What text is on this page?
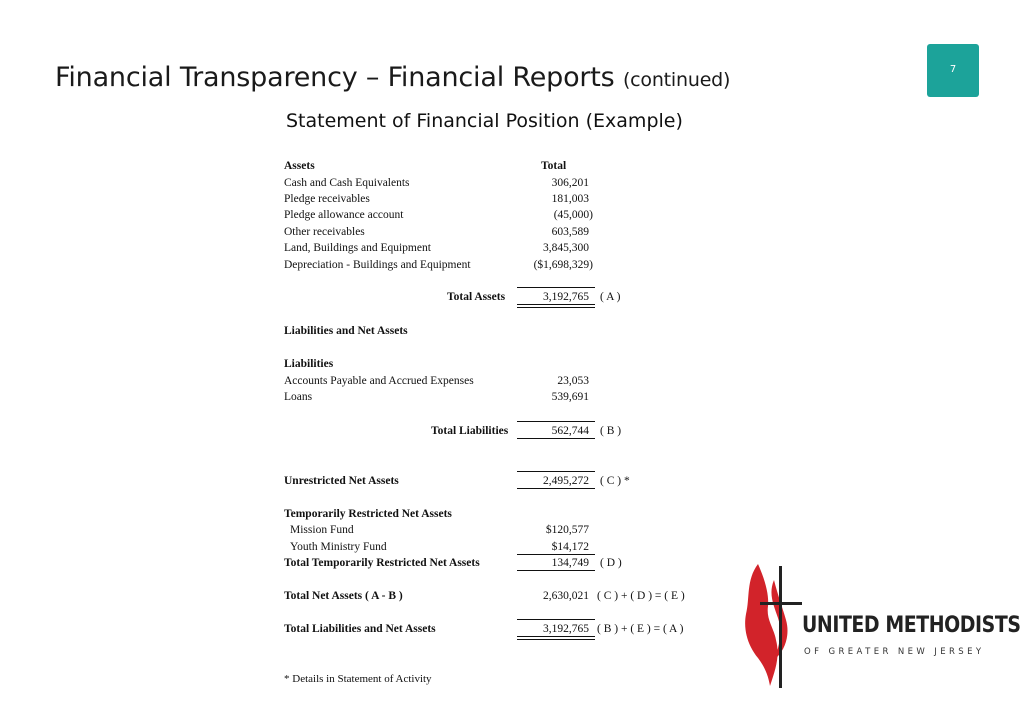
Financial Transparency – Financial Reports (continued)	7
Statement of Financial Position (Example)
Assets	Total
Cash and Cash Equivalents	306,201
Pledge receivables	181,003
Pledge allowance account	(45,000)
Other receivables	603,589
Land, Buildings and Equipment	3,845,300
Depreciation - Buildings and Equipment	($1,698,329)
Total Assets	3,192,765 ( A )
Liabilities and Net Assets
Liabilities
Accounts Payable and Accrued Expenses	23,053
Loans	539,691
Total Liabilities	562,744 ( B )
Unrestricted Net Assets	2,495,272 ( C ) *
Temporarily Restricted Net Assets
Mission Fund	$120,577
Youth Ministry Fund	$14,172
Total Temporarily Restricted Net Assets	134,749 ( D )
Total Net Assets ( A - B )	2,630,021 ( C ) + ( D ) = ( E )
Total Liabilities and Net Assets	3,192,765 ( B ) + ( E ) = ( A )
* Details in Statement of Activity
UNITED METHODISTS
OF GREATER NEW JERSEY
